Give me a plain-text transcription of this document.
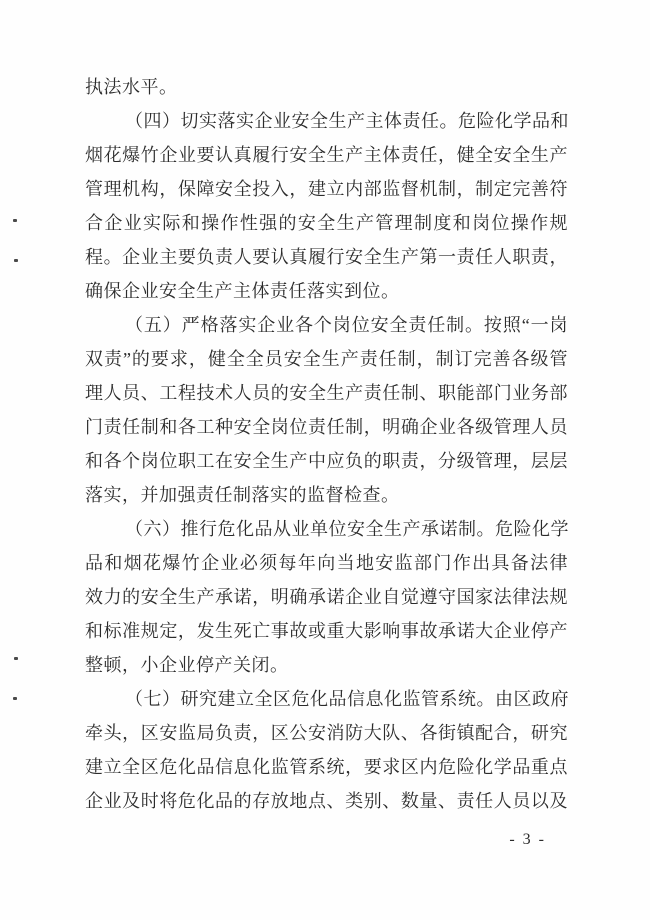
执法水平。
（四）切实落实企业安全生产主体责任。危险化学品和
烟花爆竹企业要认真履行安全生产主体责任，健全安全生产
管理机构，保障安全投入，建立内部监督机制，制定完善符
合企业实际和操作性强的安全生产管理制度和岗位操作规
程。企业主要负责人要认真履行安全生产第一责任人职责，
确保企业安全生产主体责任落实到位。
（五）严格落实企业各个岗位安全责任制。按照“一岗
双责”的要求，健全全员安全生产责任制，制订完善各级管
理人员、工程技术人员的安全生产责任制、职能部门业务部
门责任制和各工种安全岗位责任制，明确企业各级管理人员
和各个岗位职工在安全生产中应负的职责，分级管理，层层
落实，并加强责任制落实的监督检查。
（六）推行危化品从业单位安全生产承诺制。危险化学
品和烟花爆竹企业必须每年向当地安监部门作出具备法律
效力的安全生产承诺，明确承诺企业自觉遵守国家法律法规
和标准规定，发生死亡事故或重大影响事故承诺大企业停产
整顿，小企业停产关闭。
（七）研究建立全区危化品信息化监管系统。由区政府
牵头，区安监局负责，区公安消防大队、各街镇配合，研究
建立全区危化品信息化监管系统，要求区内危险化学品重点
企业及时将危化品的存放地点、类别、数量、责任人员以及
- 3 -
